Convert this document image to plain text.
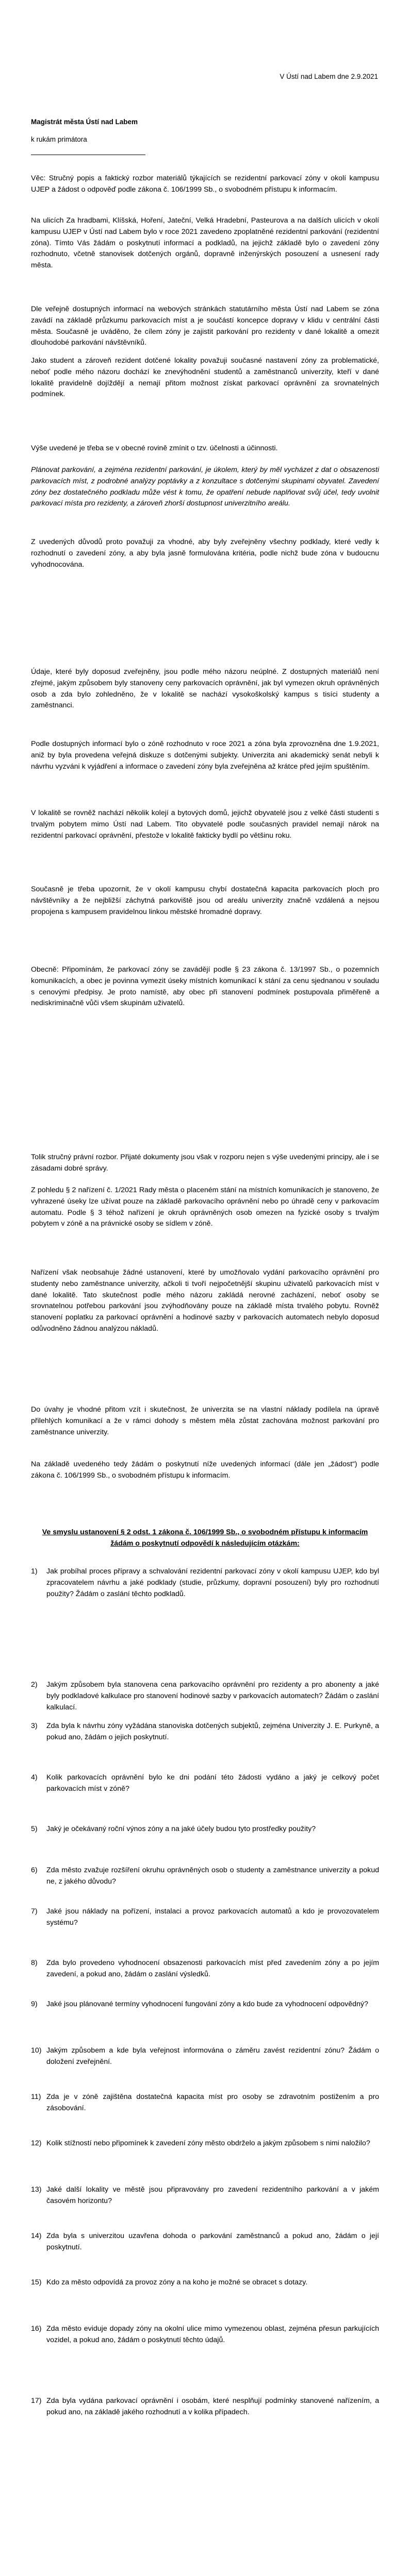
V Ústí nad Labem dne 2.9.2021
Magistrát města Ústí nad Labem
k rukám primátora
Věc: Stručný popis a faktický rozbor materiálů týkajících se rezidentní parkovací zóny v okolí kampusu UJEP a žádost o odpověď podle zákona č. 106/1999 Sb., o svobodném přístupu k informacím.
Na ulicích Za hradbami, Klíšská, Hoření, Jateční, Velká Hradební, Pasteurova a na dalších ulicích v okolí kampusu UJEP v Ústí nad Labem bylo v roce 2021 zavedeno zpoplatněné rezidentní parkování (rezidentní zóna). Tímto Vás žádám o poskytnutí informací a podkladů, na jejichž základě bylo o zavedení zóny rozhodnuto, včetně stanovisek dotčených orgánů, dopravně inženýrských posouzení a usnesení rady města.
Dle veřejně dostupných informací na webových stránkách statutárního města Ústí nad Labem se zóna zavádí na základě průzkumu parkovacích míst a je součástí koncepce dopravy v klidu v centrální části města. Současně je uváděno, že cílem zóny je zajistit parkování pro rezidenty v dané lokalitě a omezit dlouhodobé parkování návštěvníků.
Jako student a zároveň rezident dotčené lokality považuji současné nastavení zóny za problematické, neboť podle mého názoru dochází ke znevýhodnění studentů a zaměstnanců univerzity, kteří v dané lokalitě pravidelně dojíždějí a nemají přitom možnost získat parkovací oprávnění za srovnatelných podmínek.
Výše uvedené je třeba se v obecné rovině zmínit o tzv. účelnosti a účinnosti.
Plánovat parkování, a zejména rezidentní parkování, je úkolem, který by měl vycházet z dat o obsazenosti parkovacích míst, z podrobné analýzy poptávky a z konzultace s dotčenými skupinami obyvatel. Zavedení zóny bez dostatečného podkladu může vést k tomu, že opatření nebude naplňovat svůj účel, tedy uvolnit parkovací místa pro rezidenty, a zároveň zhorší dostupnost univerzitního areálu.
Z uvedených důvodů proto považuji za vhodné, aby byly zveřejněny všechny podklady, které vedly k rozhodnutí o zavedení zóny, a aby byla jasně formulována kritéria, podle nichž bude zóna v budoucnu vyhodnocována.
Údaje, které byly doposud zveřejněny, jsou podle mého názoru neúplné. Z dostupných materiálů není zřejmé, jakým způsobem byly stanoveny ceny parkovacích oprávnění, jak byl vymezen okruh oprávněných osob a zda bylo zohledněno, že v lokalitě se nachází vysokoškolský kampus s tisíci studenty a zaměstnanci.
Podle dostupných informací bylo o zóně rozhodnuto v roce 2021 a zóna byla zprovozněna dne 1.9.2021, aniž by byla provedena veřejná diskuze s dotčenými subjekty. Univerzita ani akademický senát nebyli k návrhu vyzváni k vyjádření a informace o zavedení zóny byla zveřejněna až krátce před jejím spuštěním.
V lokalitě se rovněž nachází několik kolejí a bytových domů, jejichž obyvatelé jsou z velké části studenti s trvalým pobytem mimo Ústí nad Labem. Tito obyvatelé podle současných pravidel nemají nárok na rezidentní parkovací oprávnění, přestože v lokalitě fakticky bydlí po většinu roku.
Současně je třeba upozornit, že v okolí kampusu chybí dostatečná kapacita parkovacích ploch pro návštěvníky a že nejbližší záchytná parkoviště jsou od areálu univerzity značně vzdálená a nejsou propojena s kampusem pravidelnou linkou městské hromadné dopravy.
Obecně: Připomínám, že parkovací zóny se zavádějí podle § 23 zákona č. 13/1997 Sb., o pozemních komunikacích, a obec je povinna vymezit úseky místních komunikací k stání za cenu sjednanou v souladu s cenovými předpisy. Je proto namístě, aby obec při stanovení podmínek postupovala přiměřeně a nediskriminačně vůči všem skupinám uživatelů.
Tolik stručný právní rozbor. Přijaté dokumenty jsou však v rozporu nejen s výše uvedenými principy, ale i se zásadami dobré správy.
Z pohledu § 2 nařízení č. 1/2021 Rady města o placeném stání na místních komunikacích je stanoveno, že vyhrazené úseky lze užívat pouze na základě parkovacího oprávnění nebo po úhradě ceny v parkovacím automatu. Podle § 3 téhož nařízení je okruh oprávněných osob omezen na fyzické osoby s trvalým pobytem v zóně a na právnické osoby se sídlem v zóně.
Nařízení však neobsahuje žádné ustanovení, které by umožňovalo vydání parkovacího oprávnění pro studenty nebo zaměstnance univerzity, ačkoli ti tvoří nejpočetnější skupinu uživatelů parkovacích míst v dané lokalitě. Tato skutečnost podle mého názoru zakládá nerovné zacházení, neboť osoby se srovnatelnou potřebou parkování jsou zvýhodňovány pouze na základě místa trvalého pobytu. Rovněž stanovení poplatku za parkovací oprávnění a hodinové sazby v parkovacích automatech nebylo doposud odůvodněno žádnou analýzou nákladů.
Do úvahy je vhodné přitom vzít i skutečnost, že univerzita se na vlastní náklady podílela na úpravě přilehlých komunikací a že v rámci dohody s městem měla zůstat zachována možnost parkování pro zaměstnance univerzity.
Na základě uvedeného tedy žádám o poskytnutí níže uvedených informací (dále jen „žádost“) podle zákona č. 106/1999 Sb., o svobodném přístupu k informacím.
Ve smyslu ustanovení § 2 odst. 1 zákona č. 106/1999 Sb., o svobodném přístupu k informacím žádám o poskytnutí odpovědí k následujícím otázkám:
1)	Jak probíhal proces přípravy a schvalování rezidentní parkovací zóny v okolí kampusu UJEP, kdo byl zpracovatelem návrhu a jaké podklady (studie, průzkumy, dopravní posouzení) byly pro rozhodnutí použity? Žádám o zaslání těchto podkladů.
2)	Jakým způsobem byla stanovena cena parkovacího oprávnění pro rezidenty a pro abonenty a jaké byly podkladové kalkulace pro stanovení hodinové sazby v parkovacích automatech? Žádám o zaslání kalkulací.
3)	Zda byla k návrhu zóny vyžádána stanoviska dotčených subjektů, zejména Univerzity J. E. Purkyně, a pokud ano, žádám o jejich poskytnutí.
4)	Kolik parkovacích oprávnění bylo ke dni podání této žádosti vydáno a jaký je celkový počet parkovacích míst v zóně?
5)	Jaký je očekávaný roční výnos zóny a na jaké účely budou tyto prostředky použity?
6)	Zda město zvažuje rozšíření okruhu oprávněných osob o studenty a zaměstnance univerzity a pokud ne, z jakého důvodu?
7)	Jaké jsou náklady na pořízení, instalaci a provoz parkovacích automatů a kdo je provozovatelem systému?
8)	Zda bylo provedeno vyhodnocení obsazenosti parkovacích míst před zavedením zóny a po jejím zavedení, a pokud ano, žádám o zaslání výsledků.
9)	Jaké jsou plánované termíny vyhodnocení fungování zóny a kdo bude za vyhodnocení odpovědný?
10) Jakým způsobem a kde byla veřejnost informována o záměru zavést rezidentní zónu? Žádám o doložení zveřejnění.
11) Zda je v zóně zajištěna dostatečná kapacita míst pro osoby se zdravotním postižením a pro zásobování.
12) Kolik stížností nebo připomínek k zavedení zóny město obdrželo a jakým způsobem s nimi naložilo?
13) Jaké další lokality ve městě jsou připravovány pro zavedení rezidentního parkování a v jakém časovém horizontu?
14) Zda byla s univerzitou uzavřena dohoda o parkování zaměstnanců a pokud ano, žádám o její poskytnutí.
15) Kdo za město odpovídá za provoz zóny a na koho je možné se obracet s dotazy.
16) Zda město eviduje dopady zóny na okolní ulice mimo vymezenou oblast, zejména přesun parkujících vozidel, a pokud ano, žádám o poskytnutí těchto údajů.
17) Zda byla vydána parkovací oprávnění i osobám, které nesplňují podmínky stanovené nařízením, a pokud ano, na základě jakého rozhodnutí a v kolika případech.
